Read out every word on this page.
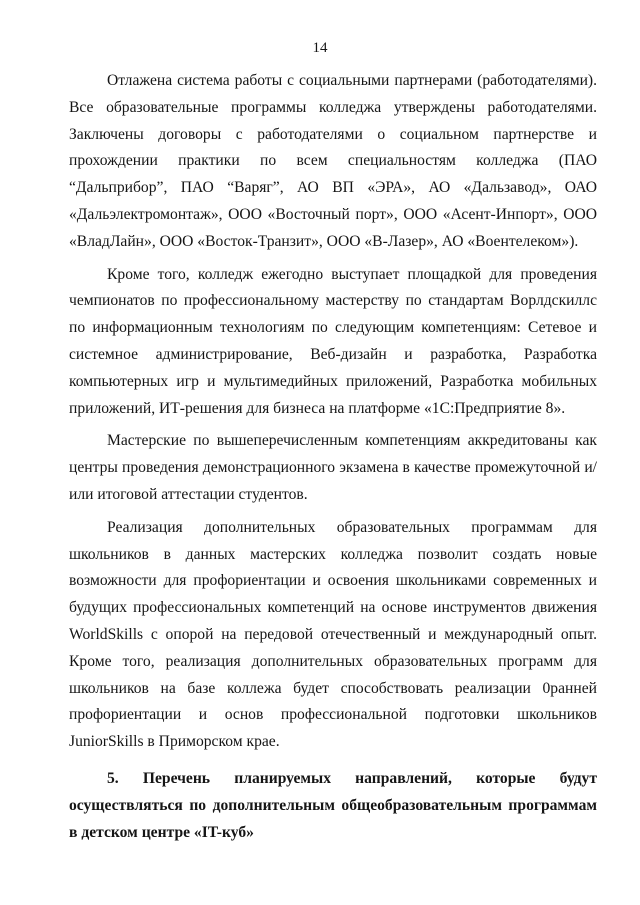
14

Отлажена система работы с социальными партнерами (работодателями). Все образовательные программы колледжа утверждены работодателями. Заключены договоры с работодателями о социальном партнерстве и прохождении практики по всем специальностям колледжа (ПАО “Дальприбор”, ПАО “Варяг”, АО ВП «ЭРА», АО «Дальзавод», ОАО «Дальэлектромонтаж», ООО «Восточный порт», ООО «Асент-Инпорт», ООО «ВладЛайн», ООО «Восток-Транзит», ООО «В-Лазер», АО «Воентелеком»).

Кроме того, колледж ежегодно выступает площадкой для проведения чемпионатов по профессиональному мастерству по стандартам Ворлдскиллс по информационным технологиям по следующим компетенциям: Сетевое и системное администрирование, Веб-дизайн и разработка, Разработка компьютерных игр и мультимедийных приложений, Разработка мобильных приложений, ИТ-решения для бизнеса на платформе «1С:Предприятие 8».

Мастерские по вышеперечисленным компетенциям аккредитованы как центры проведения демонстрационного экзамена в качестве промежуточной и/или итоговой аттестации студентов.

Реализация дополнительных образовательных программам для школьников в данных мастерских колледжа позволит создать новые возможности для профориентации и освоения школьниками современных и будущих профессиональных компетенций на основе инструментов движения WorldSkills с опорой на передовой отечественный и международный опыт. Кроме того, реализация дополнительных образовательных программ для школьников на базе коллежа будет способствовать реализации 0ранней профориентации и основ профессиональной подготовки школьников JuniorSkills в Приморском крае.

5. Перечень планируемых направлений, которые будут осуществляться по дополнительным общеобразовательным программам в детском центре «IT-куб»
